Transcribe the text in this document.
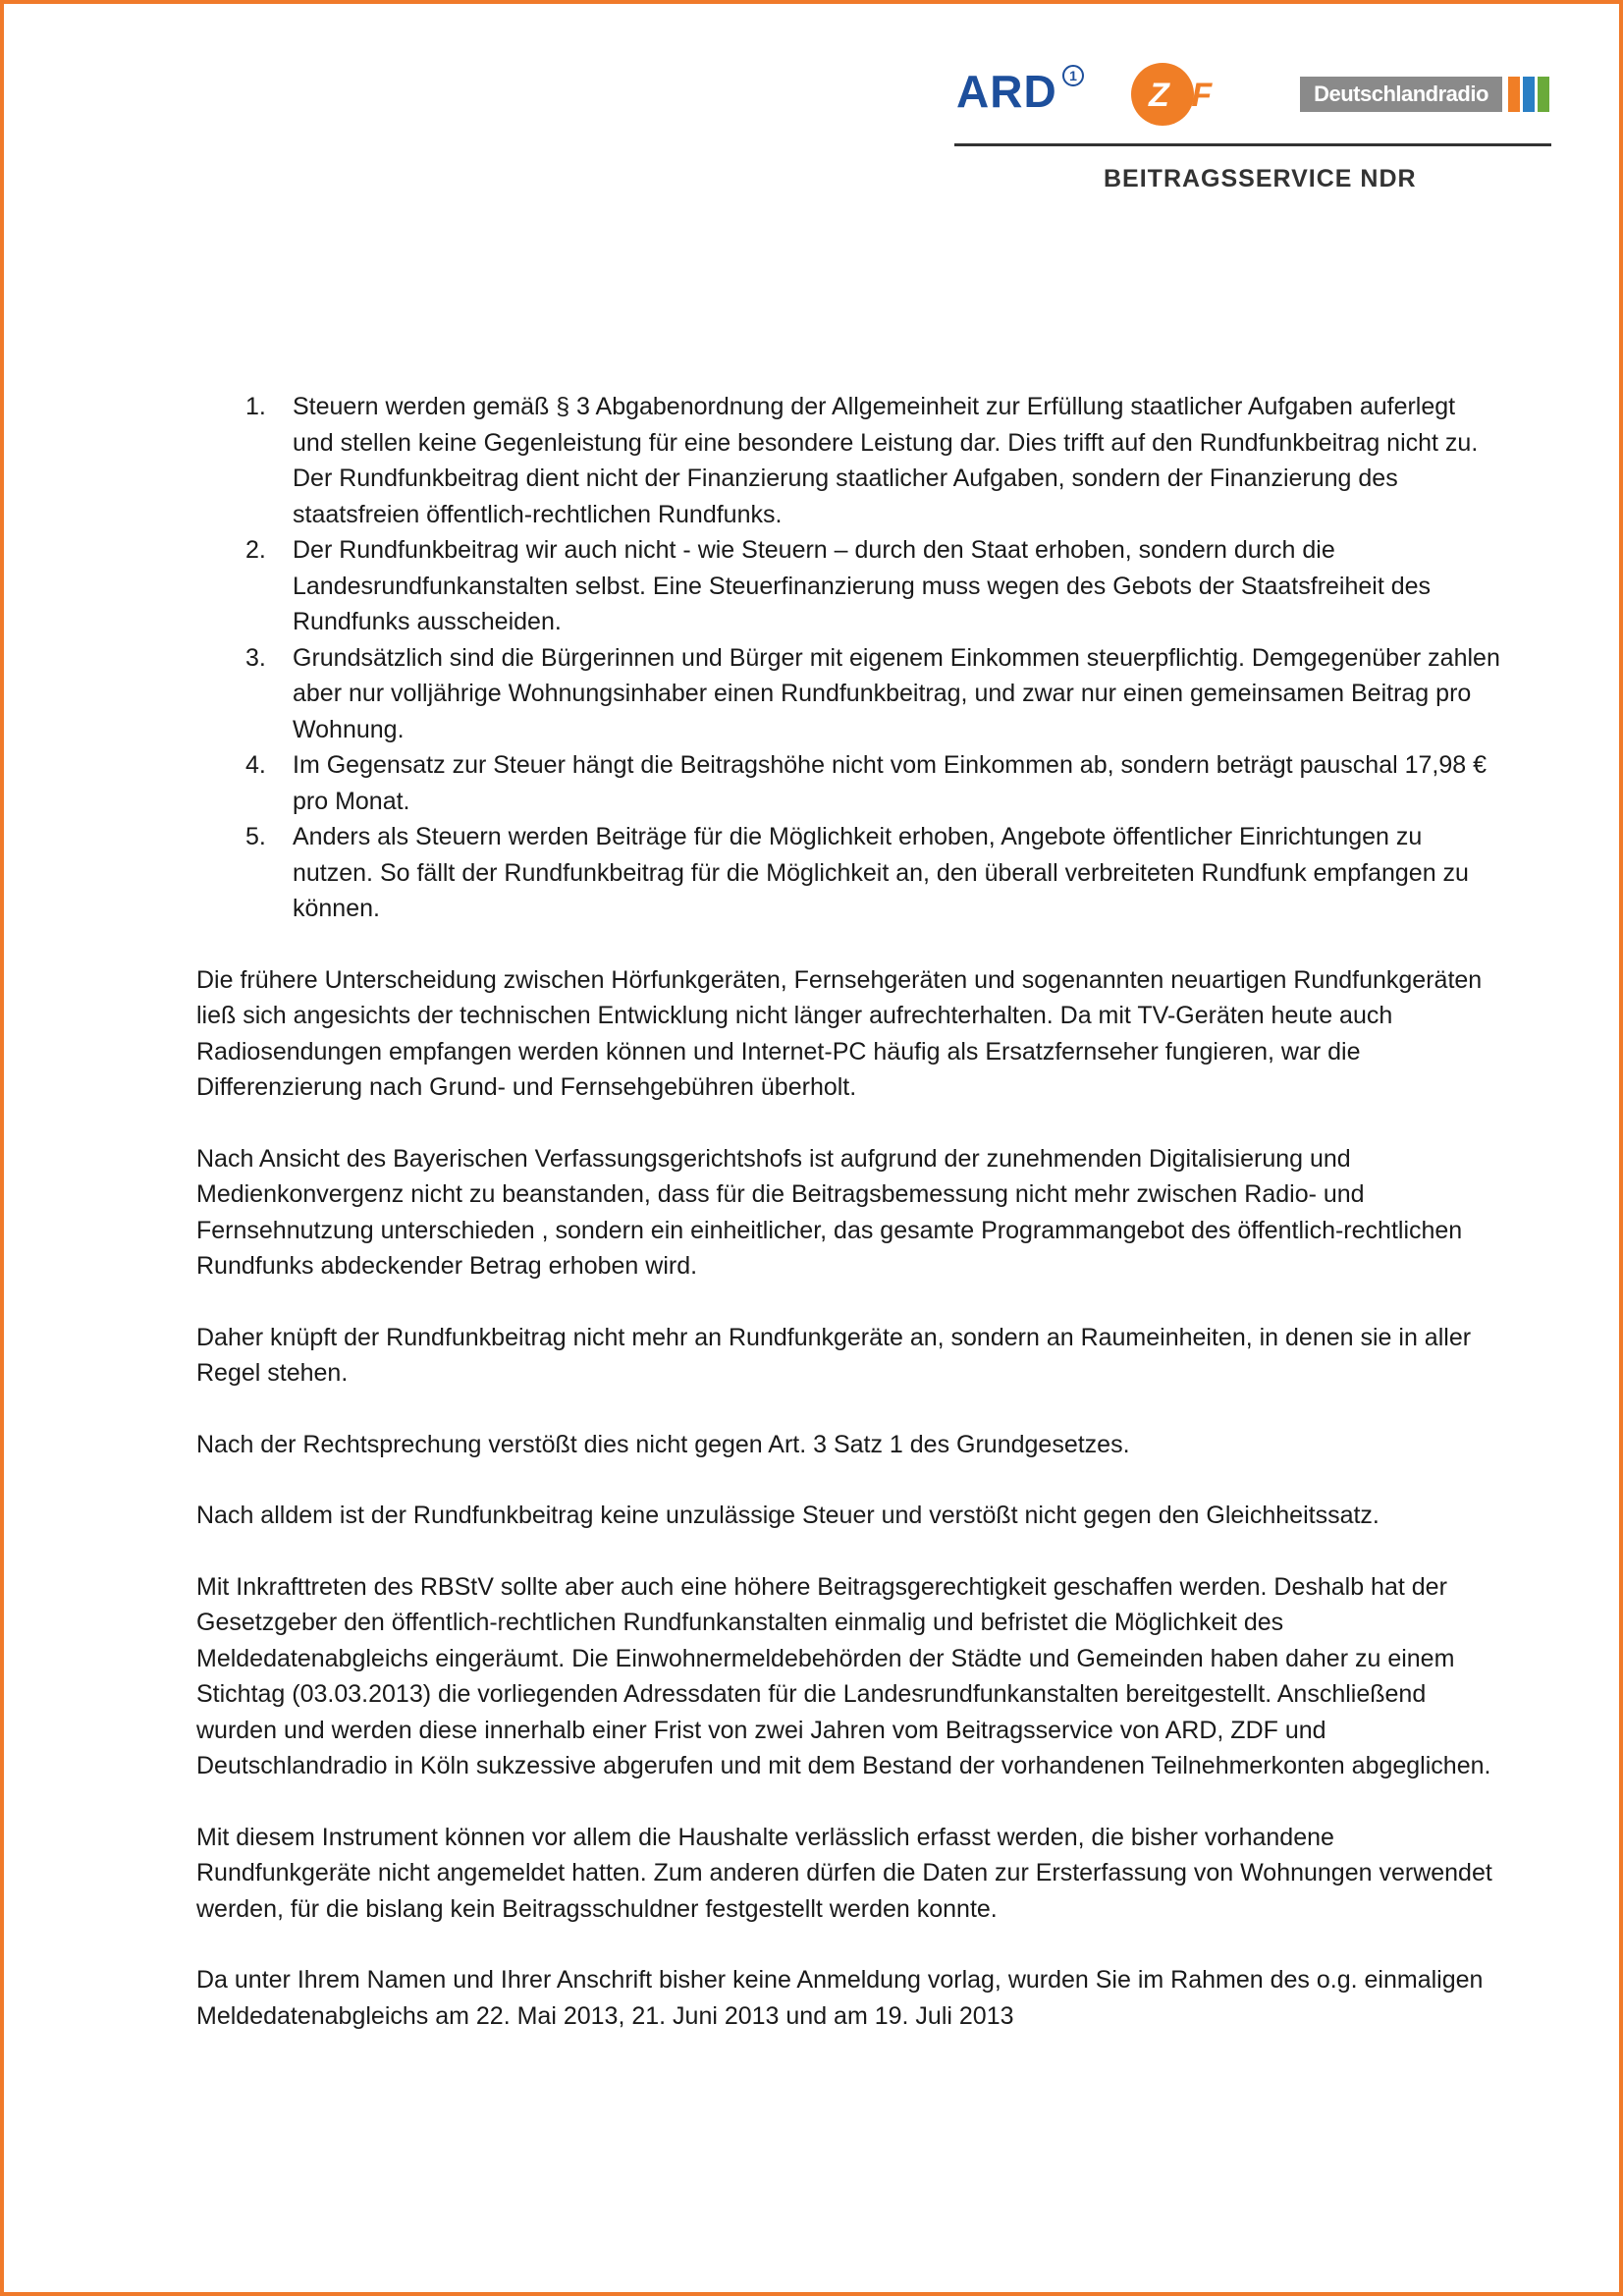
ARD 1
ZDF	Deutschlandradio
BEITRAGSSERVICE NDR
1. Steuern werden gemäß § 3 Abgabenordnung der Allgemeinheit zur Erfüllung staatlicher Aufgaben auferlegt und stellen keine Gegenleistung für eine besondere Leistung dar. Dies trifft auf den Rundfunkbeitrag nicht zu. Der Rundfunkbeitrag dient nicht der Finanzierung staatlicher Aufgaben, sondern der Finanzierung des staatsfreien öffentlich-rechtlichen Rundfunks.
2. Der Rundfunkbeitrag wir auch nicht - wie Steuern – durch den Staat erhoben, sondern durch die Landesrundfunkanstalten selbst. Eine Steuerfinanzierung muss wegen des Gebots der Staatsfreiheit des Rundfunks ausscheiden.
3. Grundsätzlich sind die Bürgerinnen und Bürger mit eigenem Einkommen steuerpflichtig. Demgegenüber zahlen aber nur volljährige Wohnungsinhaber einen Rundfunkbeitrag, und zwar nur einen gemeinsamen Beitrag pro Wohnung.
4. Im Gegensatz zur Steuer hängt die Beitragshöhe nicht vom Einkommen ab, sondern beträgt pauschal 17,98 € pro Monat.
5. Anders als Steuern werden Beiträge für die Möglichkeit erhoben, Angebote öffentlicher Einrichtungen zu nutzen. So fällt der Rundfunkbeitrag für die Möglichkeit an, den überall verbreiteten Rundfunk empfangen zu können.

Die frühere Unterscheidung zwischen Hörfunkgeräten, Fernsehgeräten und sogenannten neuartigen Rundfunkgeräten ließ sich angesichts der technischen Entwicklung nicht länger aufrechterhalten. Da mit TV-Geräten heute auch Radiosendungen empfangen werden können und Internet-PC häufig als Ersatzfernseher fungieren, war die Differenzierung nach Grund- und Fernsehgebühren überholt.

Nach Ansicht des Bayerischen Verfassungsgerichtshofs ist aufgrund der zunehmenden Digitalisierung und Medienkonvergenz nicht zu beanstanden, dass für die Beitragsbemessung nicht mehr zwischen Radio- und Fernsehnutzung unterschieden , sondern ein einheitlicher, das gesamte Programmangebot des öffentlich-rechtlichen Rundfunks abdeckender Betrag erhoben wird.

Daher knüpft der Rundfunkbeitrag nicht mehr an Rundfunkgeräte an, sondern an Raumeinheiten, in denen sie in aller Regel stehen.

Nach der Rechtsprechung verstößt dies nicht gegen Art. 3 Satz 1 des Grundgesetzes.

Nach alldem ist der Rundfunkbeitrag keine unzulässige Steuer und verstößt nicht gegen den Gleichheitssatz.

Mit Inkrafttreten des RBStV sollte aber auch eine höhere Beitragsgerechtigkeit geschaffen werden. Deshalb hat der Gesetzgeber den öffentlich-rechtlichen Rundfunkanstalten einmalig und befristet die Möglichkeit des Meldedatenabgleichs eingeräumt. Die Einwohnermeldebehörden der Städte und Gemeinden haben daher zu einem Stichtag (03.03.2013) die vorliegenden Adressdaten für die Landesrundfunkanstalten bereitgestellt. Anschließend wurden und werden diese innerhalb einer Frist von zwei Jahren vom Beitragsservice von ARD, ZDF und Deutschlandradio in Köln sukzessive abgerufen und mit dem Bestand der vorhandenen Teilnehmerkonten abgeglichen.

Mit diesem Instrument können vor allem die Haushalte verlässlich erfasst werden, die bisher vorhandene Rundfunkgeräte nicht angemeldet hatten. Zum anderen dürfen die Daten zur Ersterfassung von Wohnungen verwendet werden, für die bislang kein Beitragsschuldner festgestellt werden konnte.

Da unter Ihrem Namen und Ihrer Anschrift bisher keine Anmeldung vorlag, wurden Sie im Rahmen des o.g. einmaligen Meldedatenabgleichs am 22. Mai 2013, 21. Juni 2013 und am 19. Juli 2013
